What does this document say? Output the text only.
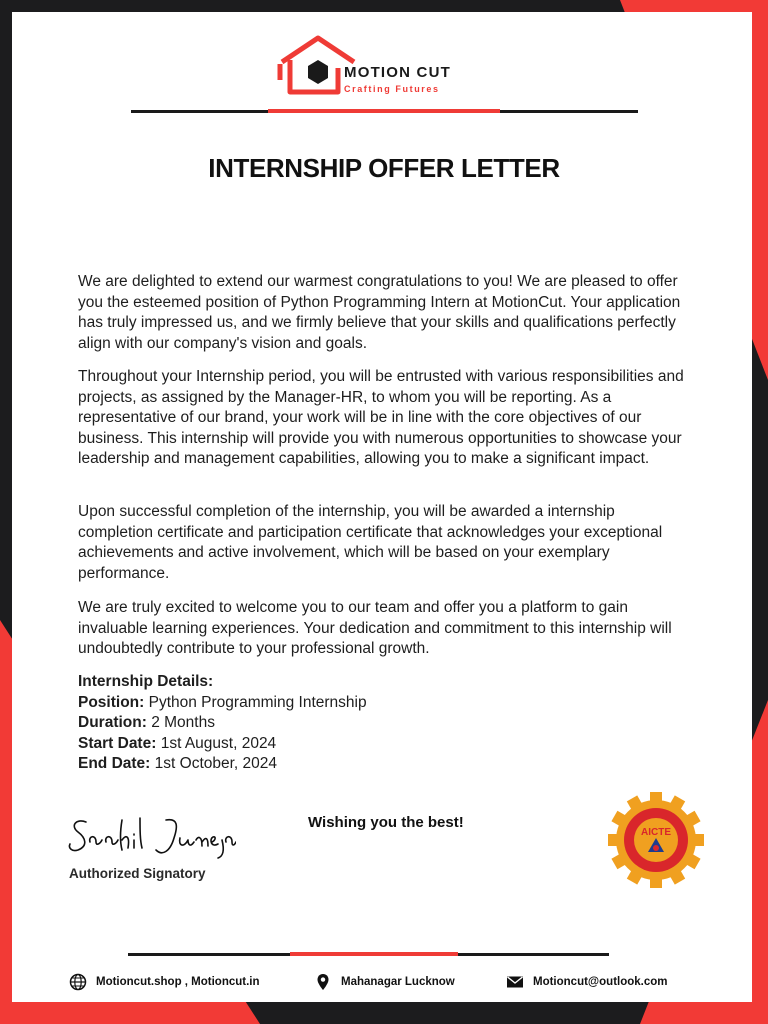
MOTION CUT
Crafting Futures
INTERNSHIP OFFER LETTER

We are delighted to extend our warmest congratulations to you! We are pleased to offer you the esteemed position of Python Programming Intern at MotionCut. Your application has truly impressed us, and we firmly believe that your skills and qualifications perfectly align with our company's vision and goals.

Throughout your Internship period, you will be entrusted with various responsibilities and projects, as assigned by the Manager-HR, to whom you will be reporting. As a representative of our brand, your work will be in line with the core objectives of our business. This internship will provide you with numerous opportunities to showcase your leadership and management capabilities, allowing you to make a significant impact.

Upon successful completion of the internship, you will be awarded a internship completion certificate and participation certificate that acknowledges your exceptional achievements and active involvement, which will be based on your exemplary performance.

We are truly excited to welcome you to our team and offer you a platform to gain invaluable learning experiences. Your dedication and commitment to this internship will undoubtedly contribute to your professional growth.

Internship Details:
Position: Python Programming Internship
Duration: 2 Months
Start Date: 1st August, 2024
End Date: 1st October, 2024
Authorized Signatory
Wishing you the best!
AICTE
Motioncut.shop , Motioncut.in	Mahanagar Lucknow	Motioncut@outlook.com
